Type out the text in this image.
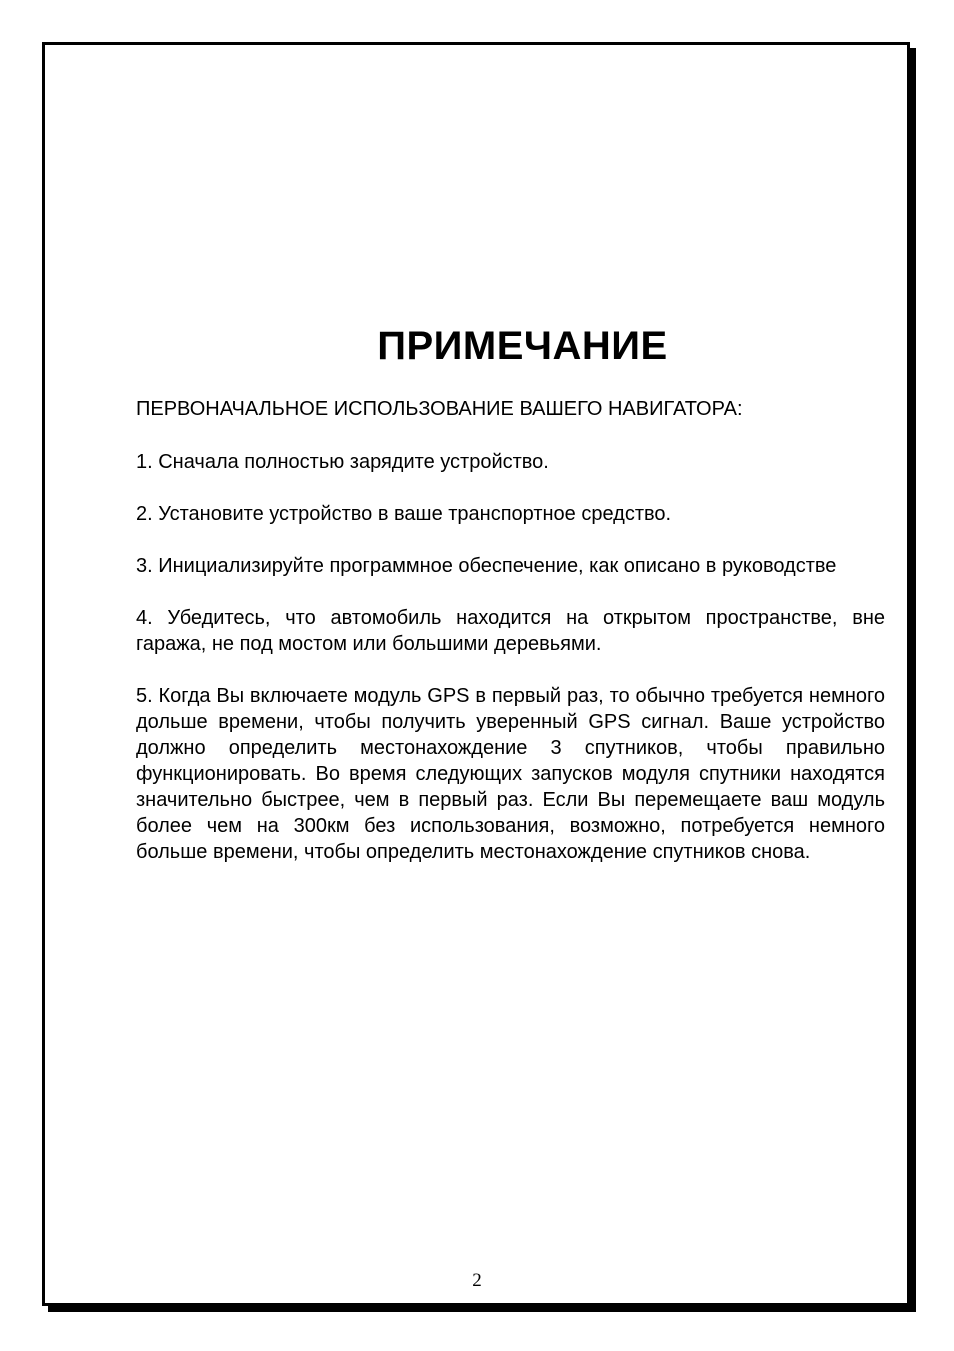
ПРИМЕЧАНИЕ

ПЕРВОНАЧАЛЬНОЕ ИСПОЛЬЗОВАНИЕ ВАШЕГО НАВИГАТОРА:

1. Сначала полностью зарядите устройство.

2. Установите устройство в ваше транспортное средство.

3. Инициализируйте программное обеспечение, как описано в руководстве

4. Убедитесь, что автомобиль находится на открытом пространстве, вне гаража, не под мостом или большими деревьями.

5. Когда Вы включаете модуль GPS в первый раз, то обычно требуется немного дольше времени, чтобы получить уверенный GPS сигнал. Ваше устройство должно определить местонахождение 3 спутников, чтобы правильно функционировать. Во время следующих запусков модуля спутники находятся значительно быстрее, чем в первый раз. Если Вы перемещаете ваш модуль более чем на 300км без использования, возможно, потребуется немного больше времени, чтобы определить местонахождение спутников снова.

2
